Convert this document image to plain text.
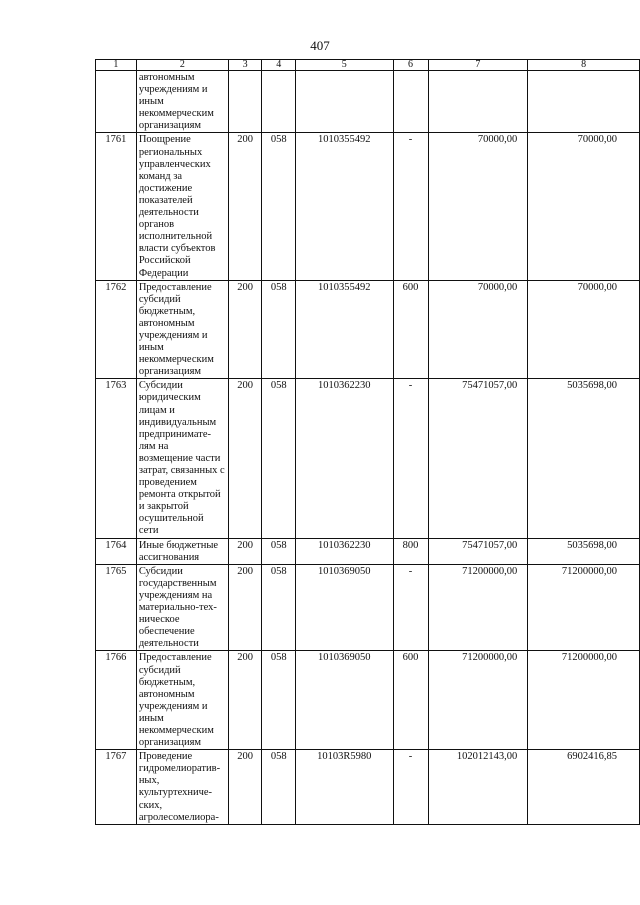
407
1	2	3	4	5	6	7	8
	автономным учреждениям и иным некоммерческим организациям						
1761	Поощрение региональных управленческих команд за достижение показателей деятельности органов исполнительной власти субъектов Российской Федерации	200	058	1010355492	-	70000,00	70000,00
1762	Предоставление субсидий бюджетным, автономным учреждениям и иным некоммерческим организациям	200	058	1010355492	600	70000,00	70000,00
1763	Субсидии юридическим лицам и индивидуальным предпринимате-лям на возмещение части затрат, связанных с проведением ремонта открытой и закрытой осушительной сети	200	058	1010362230	-	75471057,00	5035698,00
1764	Иные бюджетные ассигнования	200	058	1010362230	800	75471057,00	5035698,00
1765	Субсидии государственным учреждениям на материально-тех-ническое обеспечение деятельности	200	058	1010369050	-	71200000,00	71200000,00
1766	Предоставление субсидий бюджетным, автономным учреждениям и иным некоммерческим организациям	200	058	1010369050	600	71200000,00	71200000,00
1767	Проведение гидромелиоратив-ных, культуртехниче-ских, агролесомелиора-	200	058	10103R5980	-	102012143,00	6902416,85
